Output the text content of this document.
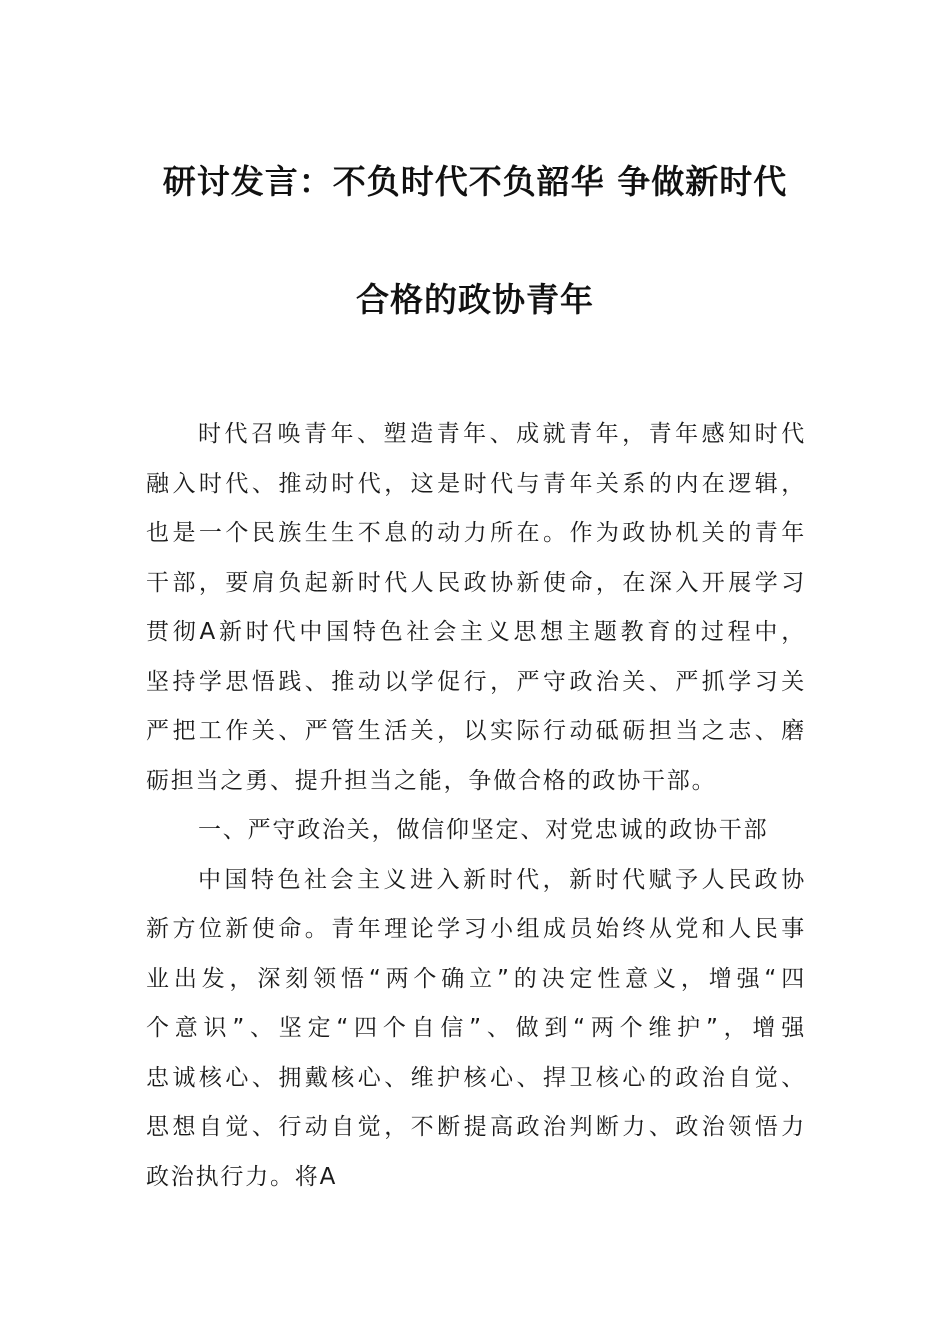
研讨发言：不负时代不负韶华 争做新时代
合格的政协青年
时代召唤青年、塑造青年、成就青年，青年感知时代
融入时代、推动时代，这是时代与青年关系的内在逻辑，
也是一个民族生生不息的动力所在。作为政协机关的青年
干部，要肩负起新时代人民政协新使命，在深入开展学习
贯彻A新时代中国特色社会主义思想主题教育的过程中，
坚持学思悟践、推动以学促行，严守政治关、严抓学习关
严把工作关、严管生活关，以实际行动砥砺担当之志、磨
砺担当之勇、提升担当之能，争做合格的政协干部。
一、严守政治关，做信仰坚定、对党忠诚的政协干部
中国特色社会主义进入新时代，新时代赋予人民政协
新方位新使命。青年理论学习小组成员始终从党和人民事
业出发，深刻领悟“两个确立”的决定性意义，增强“四
个意识”、坚定“四个自信”、做到“两个维护”，增强
忠诚核心、拥戴核心、维护核心、捍卫核心的政治自觉、
思想自觉、行动自觉，不断提高政治判断力、政治领悟力
政治执行力。将A
